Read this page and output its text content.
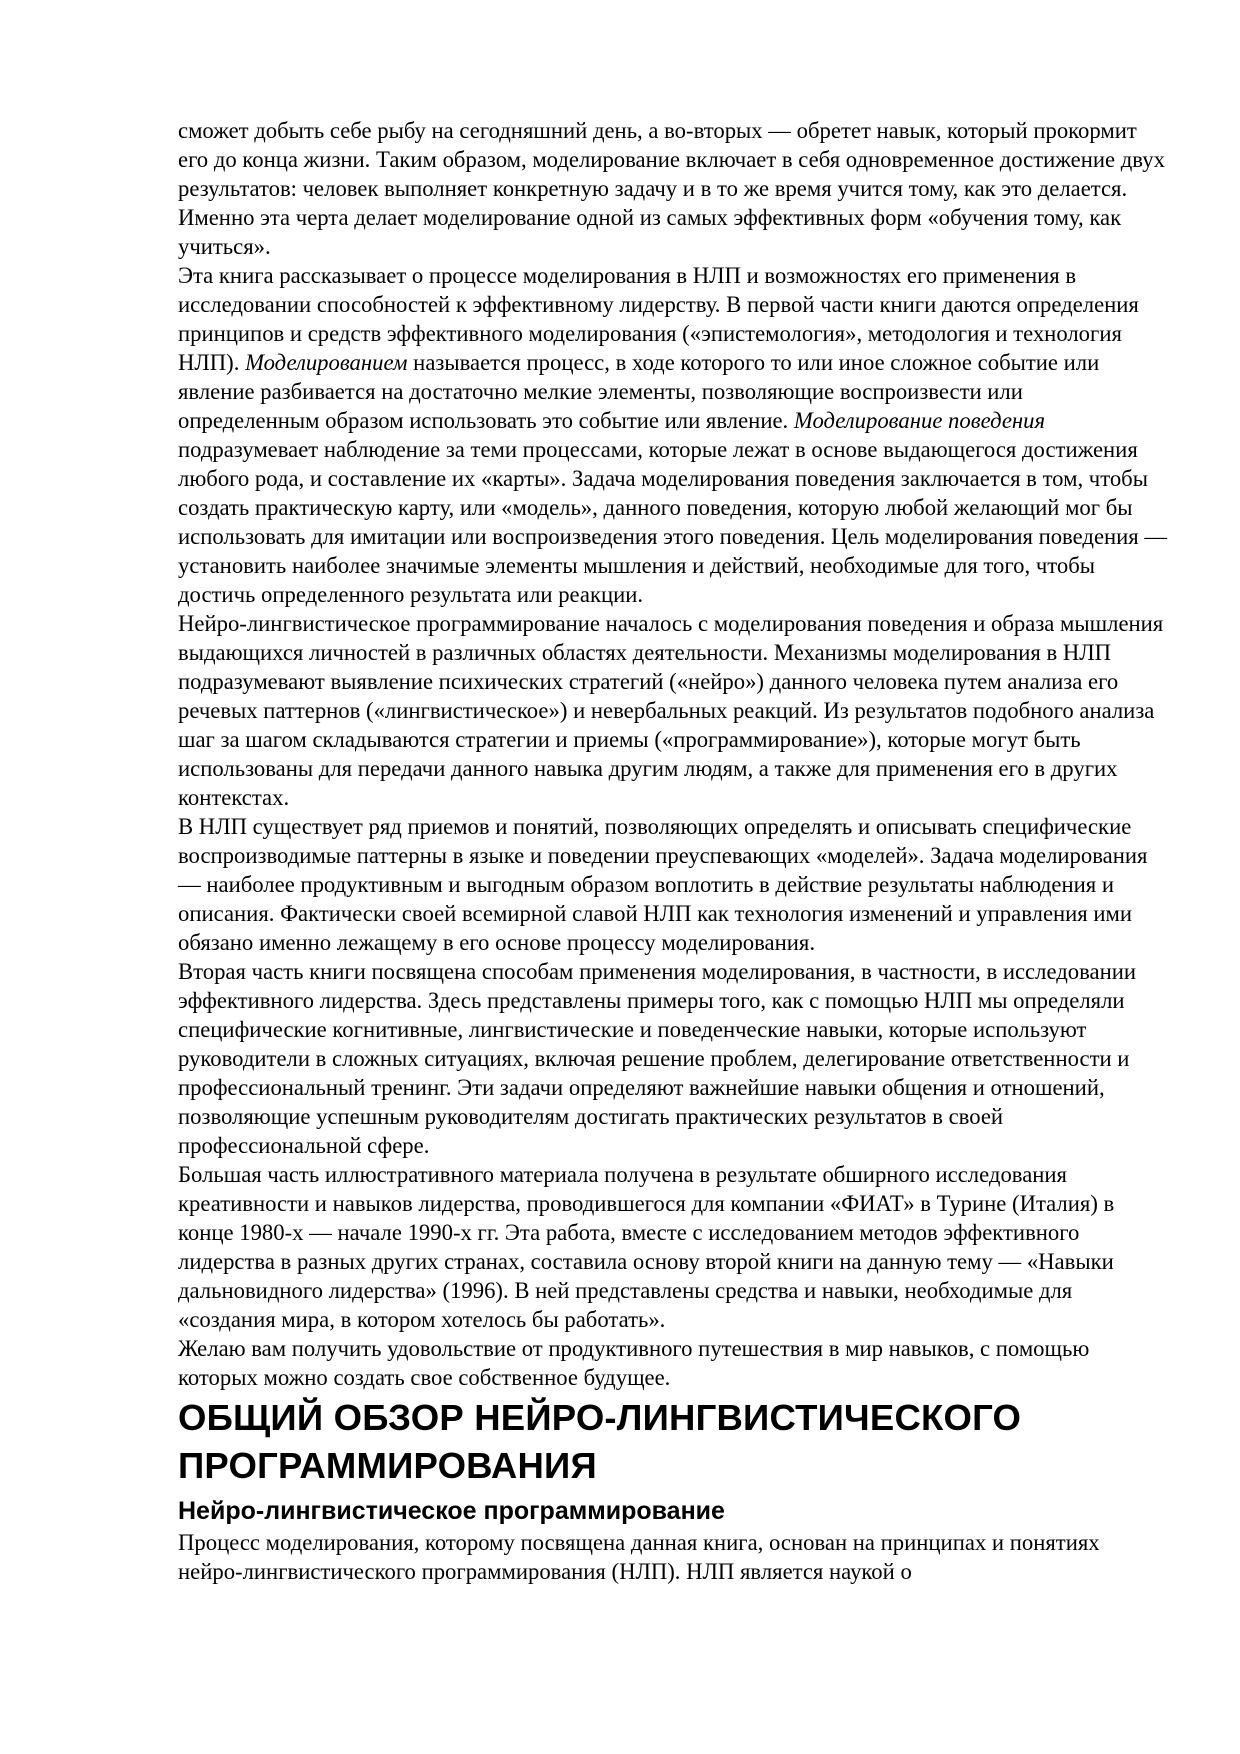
сможет добыть себе рыбу на сегодняшний день, а во-вторых — обретет навык, который прокормит его до конца жизни. Таким образом, моделирование включает в себя одновременное достижение двух результатов: человек выполняет конкретную задачу и в то же время учится тому, как это делается. Именно эта черта делает моделирование одной из самых эффективных форм «обучения тому, как учиться».

Эта книга рассказывает о процессе моделирования в НЛП и возможностях его применения в исследовании способностей к эффективному лидерству. В первой части книги даются определения принципов и средств эффективного моделирования («эпистемология», методология и технология НЛП). Моделированием называется процесс, в ходе которого то или иное сложное событие или явление разбивается на достаточно мелкие элементы, позволяющие воспроизвести или определенным образом использовать это событие или явление. Моделирование поведения подразумевает наблюдение за теми процессами, которые лежат в основе выдающегося достижения любого рода, и составление их «карты». Задача моделирования поведения заключается в том, чтобы создать практическую карту, или «модель», данного поведения, которую любой желающий мог бы использовать для имитации или воспроизведения этого поведения. Цель моделирования поведения — установить наиболее значимые элементы мышления и действий, необходимые для того, чтобы достичь определенного результата или реакции.

Нейро-лингвистическое программирование началось с моделирования поведения и образа мышления выдающихся личностей в различных областях деятельности. Механизмы моделирования в НЛП подразумевают выявление психических стратегий («нейро») данного человека путем анализа его речевых паттернов («лингвистическое») и невербальных реакций. Из результатов подобного анализа шаг за шагом складываются стратегии и приемы («программирование»), которые могут быть использованы для передачи данного навыка другим людям, а также для применения его в других контекстах.

В НЛП существует ряд приемов и понятий, позволяющих определять и описывать специфические воспроизводимые паттерны в языке и поведении преуспевающих «моделей». Задача моделирования — наиболее продуктивным и выгодным образом воплотить в действие результаты наблюдения и описания. Фактически своей всемирной славой НЛП как технология изменений и управления ими обязано именно лежащему в его основе процессу моделирования.

Вторая часть книги посвящена способам применения моделирования, в частности, в исследовании эффективного лидерства. Здесь представлены примеры того, как с помощью НЛП мы определяли специфические когнитивные, лингвистические и поведенческие навыки, которые используют руководители в сложных ситуациях, включая решение проблем, делегирование ответственности и профессиональный тренинг. Эти задачи определяют важнейшие навыки общения и отношений, позволяющие успешным руководителям достигать практических результатов в своей профессиональной сфере.

Большая часть иллюстративного материала получена в результате обширного исследования креативности и навыков лидерства, проводившегося для компании «ФИАТ» в Турине (Италия) в конце 1980-х — начале 1990-х гг. Эта работа, вместе с исследованием методов эффективного лидерства в разных других странах, составила основу второй книги на данную тему — «Навыки дальновидного лидерства» (1996). В ней представлены средства и навыки, необходимые для «создания мира, в котором хотелось бы работать».

Желаю вам получить удовольствие от продуктивного путешествия в мир навыков, с помощью которых можно создать свое собственное будущее.

ОБЩИЙ ОБЗОР НЕЙРО-ЛИНГВИСТИЧЕСКОГО ПРОГРАММИРОВАНИЯ
Нейро-лингвистическое программирование

Процесс моделирования, которому посвящена данная книга, основан на принципах и понятиях нейро-лингвистического программирования (НЛП). НЛП является наукой о
